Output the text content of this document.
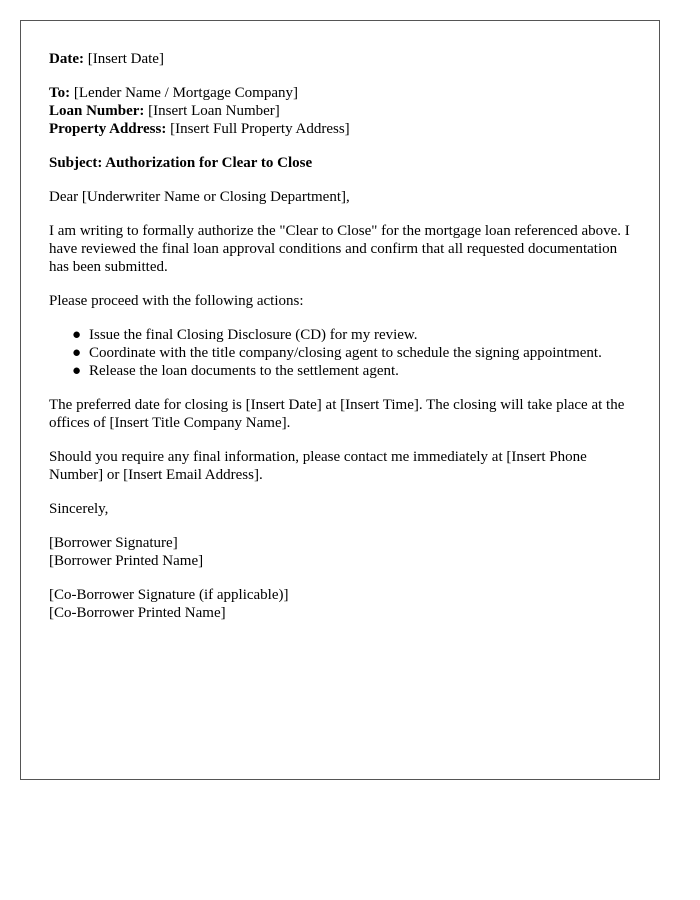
Date: [Insert Date]

To: [Lender Name / Mortgage Company]
Loan Number: [Insert Loan Number]
Property Address: [Insert Full Property Address]

Subject: Authorization for Clear to Close

Dear [Underwriter Name or Closing Department],

I am writing to formally authorize the "Clear to Close" for the mortgage loan referenced above. I have reviewed the final loan approval conditions and confirm that all requested documentation has been submitted.

Please proceed with the following actions:

● Issue the final Closing Disclosure (CD) for my review.
● Coordinate with the title company/closing agent to schedule the signing appointment.
● Release the loan documents to the settlement agent.

The preferred date for closing is [Insert Date] at [Insert Time]. The closing will take place at the offices of [Insert Title Company Name].

Should you require any final information, please contact me immediately at [Insert Phone Number] or [Insert Email Address].

Sincerely,

[Borrower Signature]
[Borrower Printed Name]
[Co-Borrower Signature (if applicable)]
[Co-Borrower Printed Name]
